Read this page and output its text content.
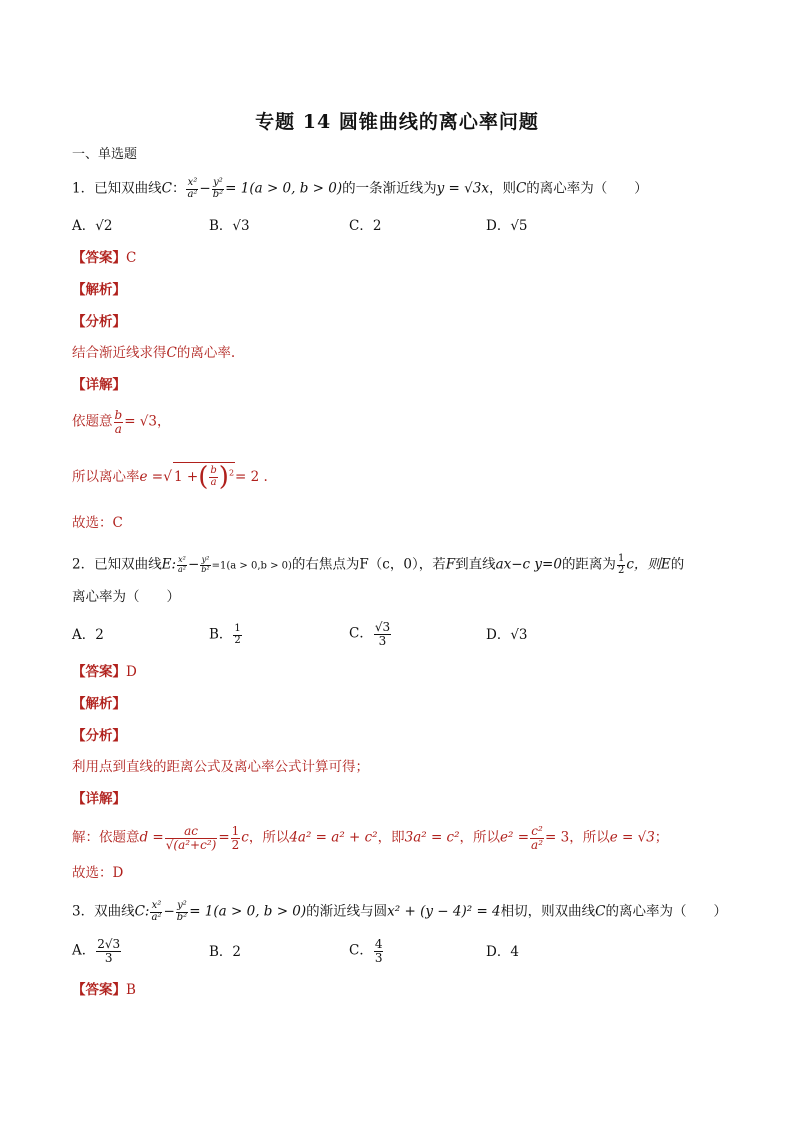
专题 14 圆锥曲线的离心率问题
一、单选题
1．已知双曲线C： $\frac{\text{x²}}{\text{a²}} - \frac{\text{y²}}{\text{b²}} = 1(a > 0$, b > 0)的一条渐近线为y = √3x，则C的离心率为（　　）
A．√2	B．√3	C．2	D．√5
【答案】C
【解析】
【分析】
结合渐近线求得C的离心率.
【详解】
依题意 $\frac{b}{a} = √3$，
所以离心率e =√ 1 +( $\frac{b}{a} )^2= 2$ .
故选：C
2．已知双曲线E: $\frac{\text{x²}}{\text{a²}} - \frac{\text{y²}}{\text{b²}} =1(a > 0,b > 0)$的右焦点为F（c，0），若F到直线ax−c y=0的距离为 $\frac{1}{2}$ c，则E的
离心率为（　　）
A．2	B． $\frac{1}{2}$	C． $\frac{√3}{3}$	D．√3
【答案】D
【解析】
【分析】
利用点到直线的距离公式及离心率公式计算可得；
【详解】
解：依题意$d = \frac{ac}{\text{√(a²+c²)}} = \frac{1}{2}$ c，所以4a² = a² + c²，即3a² = c²，所以$e^2 = \frac{\text{c²}}{\text{a²}} = 3$，所以e = √3；
故选：D
3．双曲线C: $\frac{\text{x²}}{\text{a²}} - \frac{\text{y²}}{\text{b²}} = 1(a > 0$, b > 0)的渐近线与圆x² + (y − 4)² = 4相切，则双曲线C的离心率为（　　）
A． $\frac{2√3}{3}$	B．2	C． $\frac{4}{3}$	D．4
【答案】B
